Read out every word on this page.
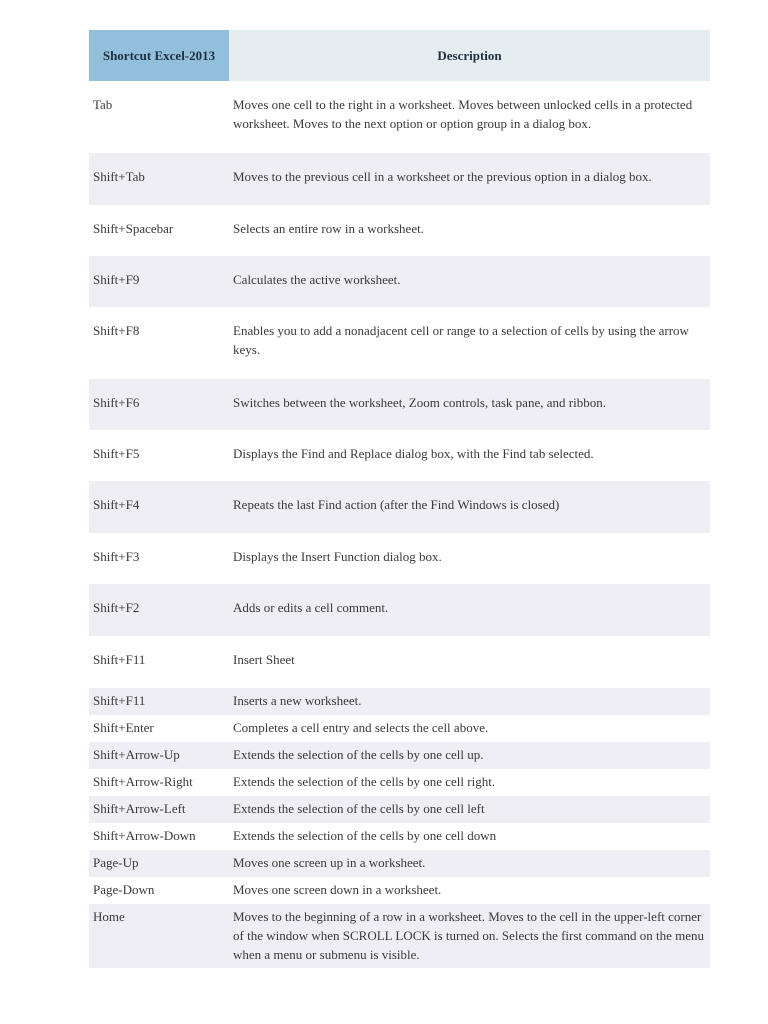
Shortcut Excel-2013	Description
Tab	Moves one cell to the right in a worksheet. Moves between unlocked cells in a protected worksheet. Moves to the next option or option group in a dialog box.
Shift+Tab	Moves to the previous cell in a worksheet or the previous option in a dialog box.
Shift+Spacebar	Selects an entire row in a worksheet.
Shift+F9	Calculates the active worksheet.
Shift+F8	Enables you to add a nonadjacent cell or range to a selection of cells by using the arrow keys.
Shift+F6	Switches between the worksheet, Zoom controls, task pane, and ribbon.
Shift+F5	Displays the Find and Replace dialog box, with the Find tab selected.
Shift+F4	Repeats the last Find action (after the Find Windows is closed)
Shift+F3	Displays the Insert Function dialog box.
Shift+F2	Adds or edits a cell comment.
Shift+F11	Insert Sheet
Shift+F11	Inserts a new worksheet.
Shift+Enter	Completes a cell entry and selects the cell above.
Shift+Arrow-Up	Extends the selection of the cells by one cell up.
Shift+Arrow-Right	Extends the selection of the cells by one cell right.
Shift+Arrow-Left	Extends the selection of the cells by one cell left
Shift+Arrow-Down	Extends the selection of the cells by one cell down
Page-Up	Moves one screen up in a worksheet.
Page-Down	Moves one screen down in a worksheet.
Home	Moves to the beginning of a row in a worksheet. Moves to the cell in the upper-left corner of the window when SCROLL LOCK is turned on. Selects the first command on the menu when a menu or submenu is visible.
